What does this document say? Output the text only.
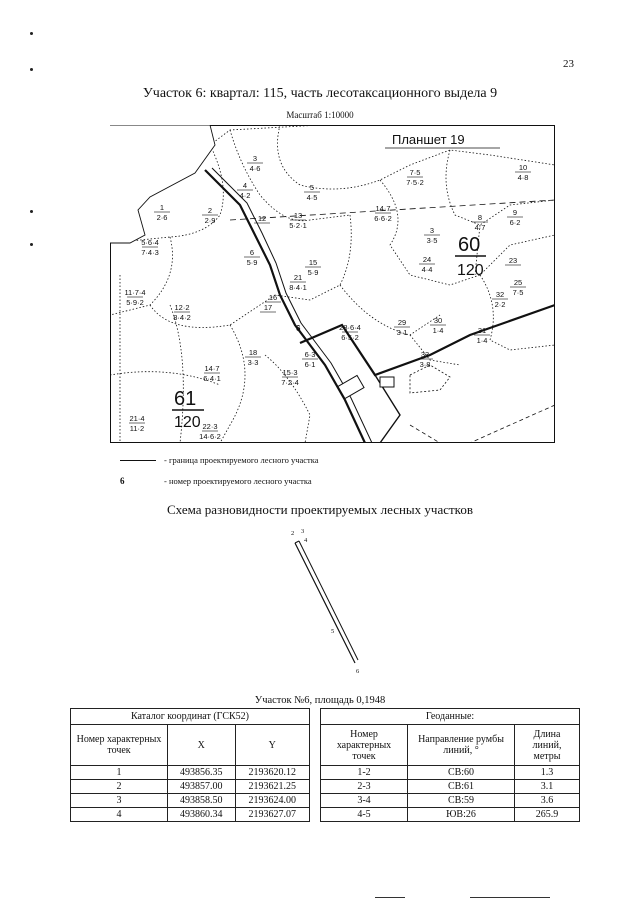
23
Участок 6: квартал: 115, часть лесотаксационного выдела 9
Масштаб 1:10000
Планшет 19
60
120
61
120
6
1
2·6
2
2·9
3
4·6
4
4·2
5
4·5
6
5·9
3
3·5
7·5
7·5·2
8
4·7
9
6·2
10
4·8
12	13
5·2·1
14·7
6·6·2
15
5·9
21
8·4·1
24
4·4
23
5·6·4
7·4·3
11·7·4
5·9·2
12·2
8·4·2
14·7
6·4·1
16
17
28·6·4
6·5·2
29
3·1
30
1·4	31
1·4
32
2·2
25
7·5
33
3·8
15·3
7·2·4
18
3·3
6·3
6·1
21·4
11·2	22·3
14·6·2
- граница проектируемого лесного участка
6	- номер проектируемого лесного участка
Схема разновидности проектируемых лесных участков
2 3
4
5
6
Участок №6, площадь 0,1948
Каталог координат (ГСК52)		
Номер характерных точек	X	Y
1	493856.35	2193620.12
2	493857.00	2193621.25
3	493858.50	2193624.00
4	493860.34	2193627.07
Геоданные:		
Номер характерных точек	Направление румбы линий, °	Длина линий, метры
1-2	СВ:60	1.3
2-3	СВ:61	3.1
3-4	СВ:59	3.6
4-5	ЮВ:26	265.9
